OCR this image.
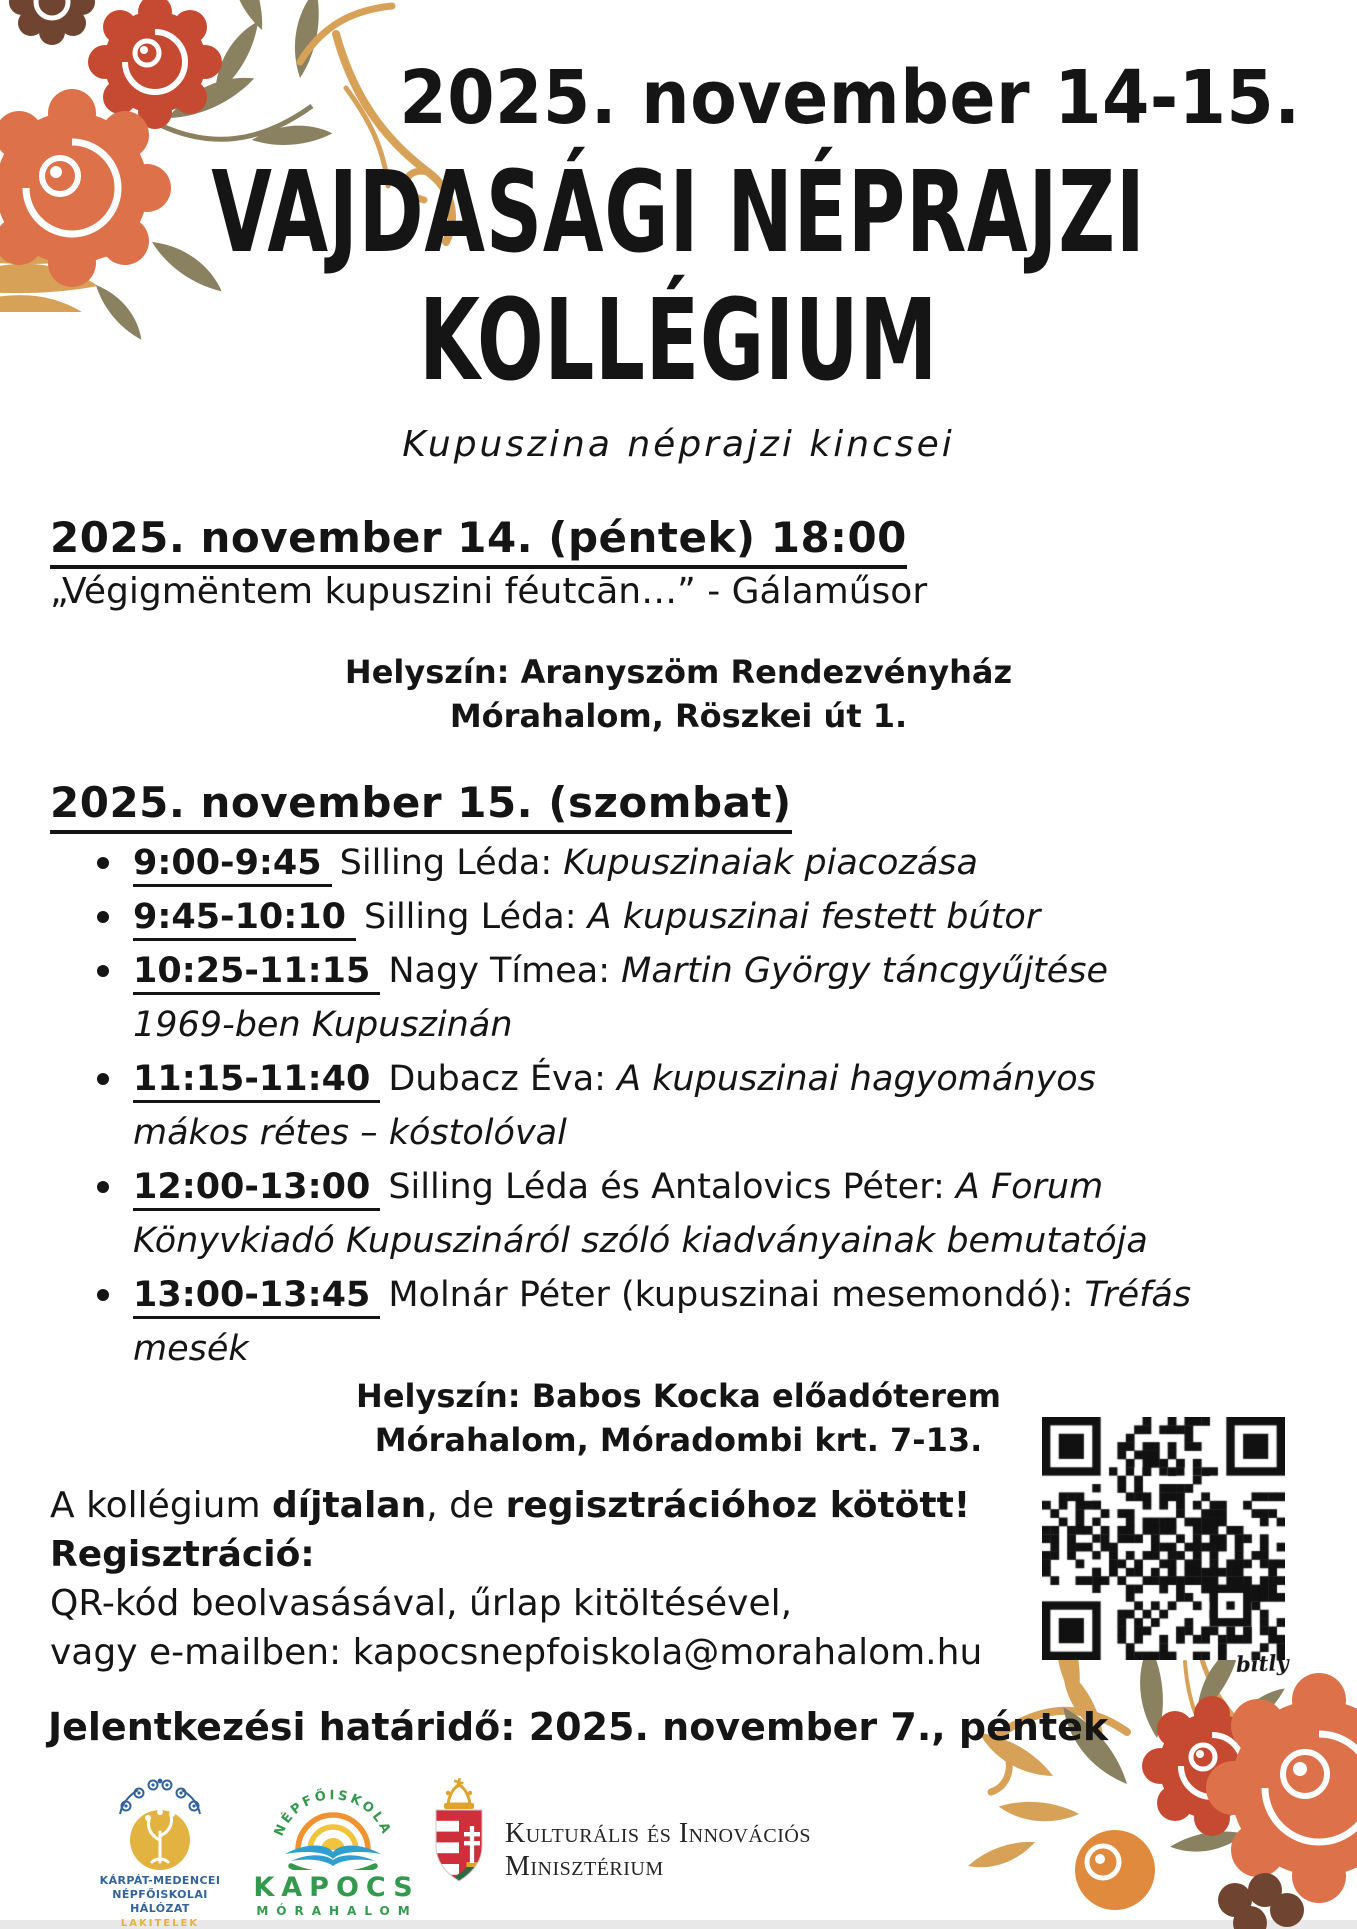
2025. november 14-15.
VAJDASÁGI NÉPRAJZI
KOLLÉGIUM
Kupuszina néprajzi kincsei
2025. november 14. (péntek) 18:00
„Végigmëntem kupuszini féutcān…” - Gálaműsor
Helyszín: Aranyszöm Rendezvényház
Mórahalom, Röszkei út 1.
2025. november 15. (szombat)
9:00-9:45 Silling Léda: Kupuszinaiak piacozása
9:45-10:10 Silling Léda: A kupuszinai festett bútor
10:25-11:15 Nagy Tímea: Martin György táncgyűjtése 1969-ben Kupuszinán
11:15-11:40 Dubacz Éva: A kupuszinai hagyományos mákos rétes – kóstolóval
12:00-13:00 Silling Léda és Antalovics Péter: A Forum Könyvkiadó Kupuszináról szóló kiadványainak bemutatója
13:00-13:45 Molnár Péter (kupuszinai mesemondó): Tréfás mesék
Helyszín: Babos Kocka előadóterem
Mórahalom, Móradombi krt. 7-13.
bitly
A kollégium díjtalan, de regisztrációhoz kötött!
Regisztráció:
QR-kód beolvasásával, űrlap kitöltésével,
vagy e-mailben: kapocsnepfoiskola@morahalom.hu
Jelentkezési határidő: 2025. november 7., péntek
KÁRPÁT-MEDENCEI
NÉPFŐISKOLAI HÁLÓZAT
LAKITELEK
NÉPFŐISKOLA
KAPOCS
MÓRAHALOM
Kulturális és Innovációs
Minisztérium
